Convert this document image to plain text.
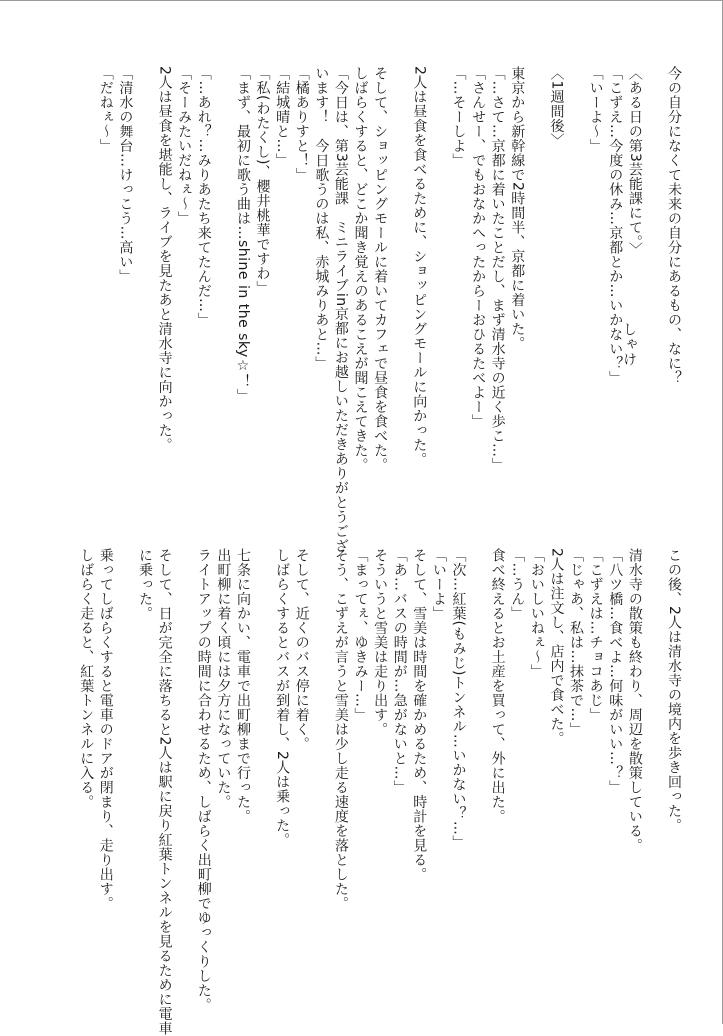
今の自分になくて未来の自分にあるもの、なに？

〈ある日の第3芸能課にて。〉
「こずえ…今度の休み…京都とか…いかない？」
「いーよ～」

〈1週間後〉

東京から新幹線で2時間半、京都に着いた。
「…さて…京都に着いたことだし、まず清水寺の近く歩こ…」
「さんせー、でもおなかへったからーおひるたべよー」
「…そーしよ」

2人は昼食を食べるために、ショッピングモールに向かった。

そして、ショッピングモールに着いてカフェで昼食を食べた。
しばらくすると、どこか聞き覚えのあるこえが聞こえてきた。
「今日は、第3芸能課　ミニライブin京都にお越しいただきありがとうござ
います！　今日歌うのは私、赤城みりあと…」
「橘ありすと！」
「結城晴と…」
「私(わたくし)、櫻井桃華ですわ」
「まず、最初に歌う曲は…shine in the sky☆！」

「…あれ？…みりあたち来てたんだ…」
「そーみたいだねぇ～」
2人は昼食を堪能し、ライブを見たあと清水寺に向かった。

「清水の舞台…けっこう…高い」
「だねぇ～」
しゃけ
この後、2人は清水寺の境内を歩き回った。

清水寺の散策も終わり、周辺を散策している。
「八ツ橋…食べよ…何味がいい…？」
「こずえは…チョコあじ」
「じゃあ、私は…抹茶で…」
2人は注文し、店内で食べた。
「おいしいねぇ～」
「…うん」
食べ終えるとお土産を買って、外に出た。

「次…紅葉(もみじ)トンネル…いかない？…」
「いーよ」
そして、雪美は時間を確かめるため、時計を見る。
「あ…バスの時間が…急がないと…」
そういうと雪美は走り出す。
「まってぇ、ゆきみー…」
そう、こずえが言うと雪美は少し走る速度を落とした。

そして、近くのバス停に着く。
しばらくするとバスが到着し、2人は乗った。

七条に向かい、電車で出町柳まで行った。
出町柳に着く頃には夕方になっていた。
ライトアップの時間に合わせるため、しばらく出町柳でゆっくりした。

そして、日が完全に落ちると2人は駅に戻り紅葉トンネルを見るために電車
に乗った。

乗ってしばらくすると電車のドアが閉まり、走り出す。
しばらく走ると、紅葉トンネルに入る。
